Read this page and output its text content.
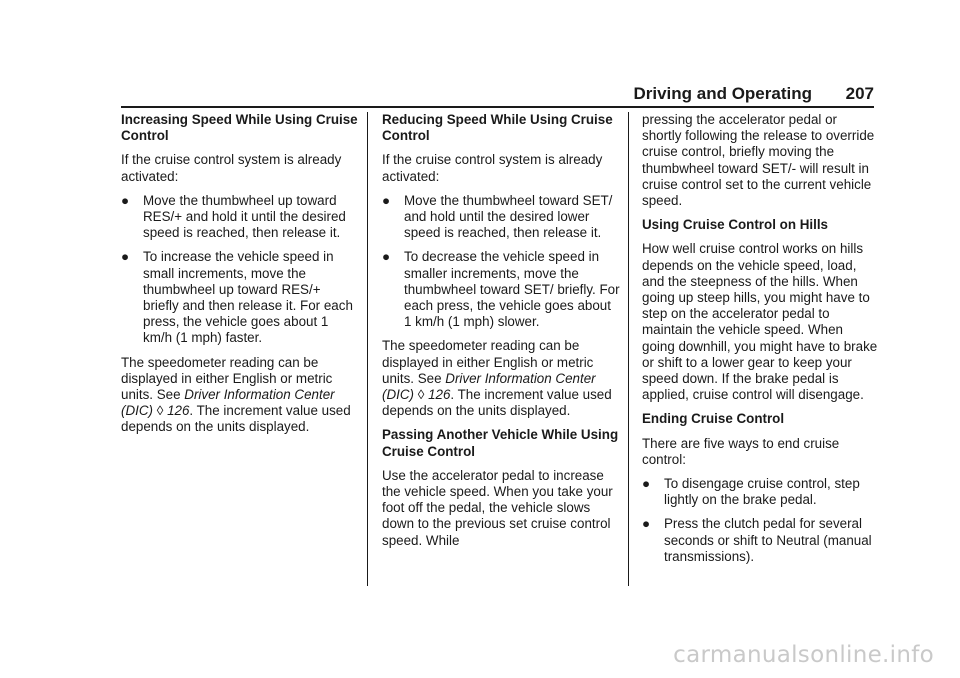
Driving and Operating 207
Increasing Speed While Using Cruise Control

If the cruise control system is already activated:

●	Move the thumbwheel up toward RES/+ and hold it until the desired speed is reached, then release it.
●	To increase the vehicle speed in small increments, move the thumbwheel up toward RES/+ briefly and then release it. For each press, the vehicle goes about 1 km/h (1 mph) faster.

The speedometer reading can be displayed in either English or metric units. See Driver Information Center (DIC) ◊ 126. The increment value used depends on the units displayed.

Reducing Speed While Using Cruise Control

If the cruise control system is already activated:

●	Move the thumbwheel toward SET/   and hold until the desired lower speed is reached, then release it.
●	To decrease the vehicle speed in smaller increments, move the thumbwheel toward SET/ briefly. For each press, the vehicle goes about 1 km/h (1 mph) slower.

The speedometer reading can be displayed in either English or metric units. See Driver Information Center (DIC) ◊ 126. The increment value used depends on the units displayed.

Passing Another Vehicle While Using Cruise Control

Use the accelerator pedal to increase the vehicle speed. When you take your foot off the pedal, the vehicle slows down to the previous set cruise control speed. While

pressing the accelerator pedal or shortly following the release to override cruise control, briefly moving the thumbwheel toward SET/- will result in cruise control set to the current vehicle speed.

Using Cruise Control on Hills

How well cruise control works on hills depends on the vehicle speed, load, and the steepness of the hills. When going up steep hills, you might have to step on the accelerator pedal to maintain the vehicle speed. When going downhill, you might have to brake or shift to a lower gear to keep your speed down. If the brake pedal is applied, cruise control will disengage.

Ending Cruise Control

There are five ways to end cruise control:

●	To disengage cruise control, step lightly on the brake pedal.
●	Press the clutch pedal for several seconds or shift to Neutral (manual transmissions).
carmanualsonline.info
